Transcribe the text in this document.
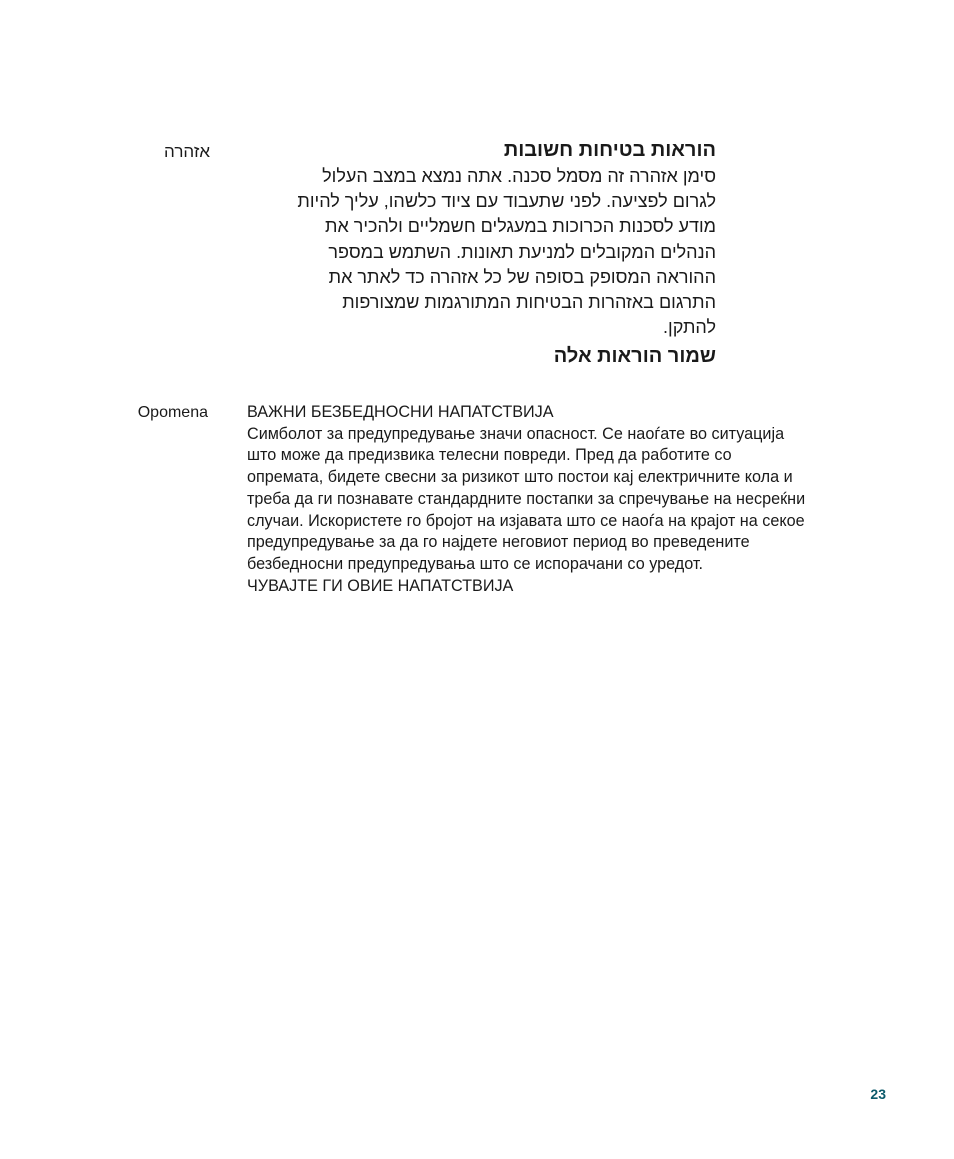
אזהרה	הוראות בטיחות חשובות
סימן אזהרה זה מסמל סכנה. אתה נמצא במצב העלול
לגרום לפציעה. לפני שתעבוד עם ציוד כלשהו, עליך להיות
מודע לסכנות הכרוכות במעגלים חשמליים ולהכיר את
הנהלים המקובלים למניעת תאונות. השתמש במספר
ההוראה המסופק בסופה של כל אזהרה כד לאתר את
התרגום באזהרות הבטיחות המתורגמות שמצורפות
להתקן.
שמור הוראות אלה
Opomena ВАЖНИ БЕЗБЕДНОСНИ НАПАТСТВИЈА
Симболот за предупредување значи опасност. Се наоѓате во ситуација
што може да предизвика телесни повреди. Пред да работите со
опремата, бидете свесни за ризикот што постои кај електричните кола и
треба да ги познавате стандардните постапки за спречување на несреќни
случаи. Искористете го бројот на изјавата што се наоѓа на крајот на секое
предупредување за да го најдете неговиот период во преведените
безбедносни предупредувања што се испорачани со уредот.
ЧУВАЈТЕ ГИ ОВИЕ НАПАТСТВИЈА
23
